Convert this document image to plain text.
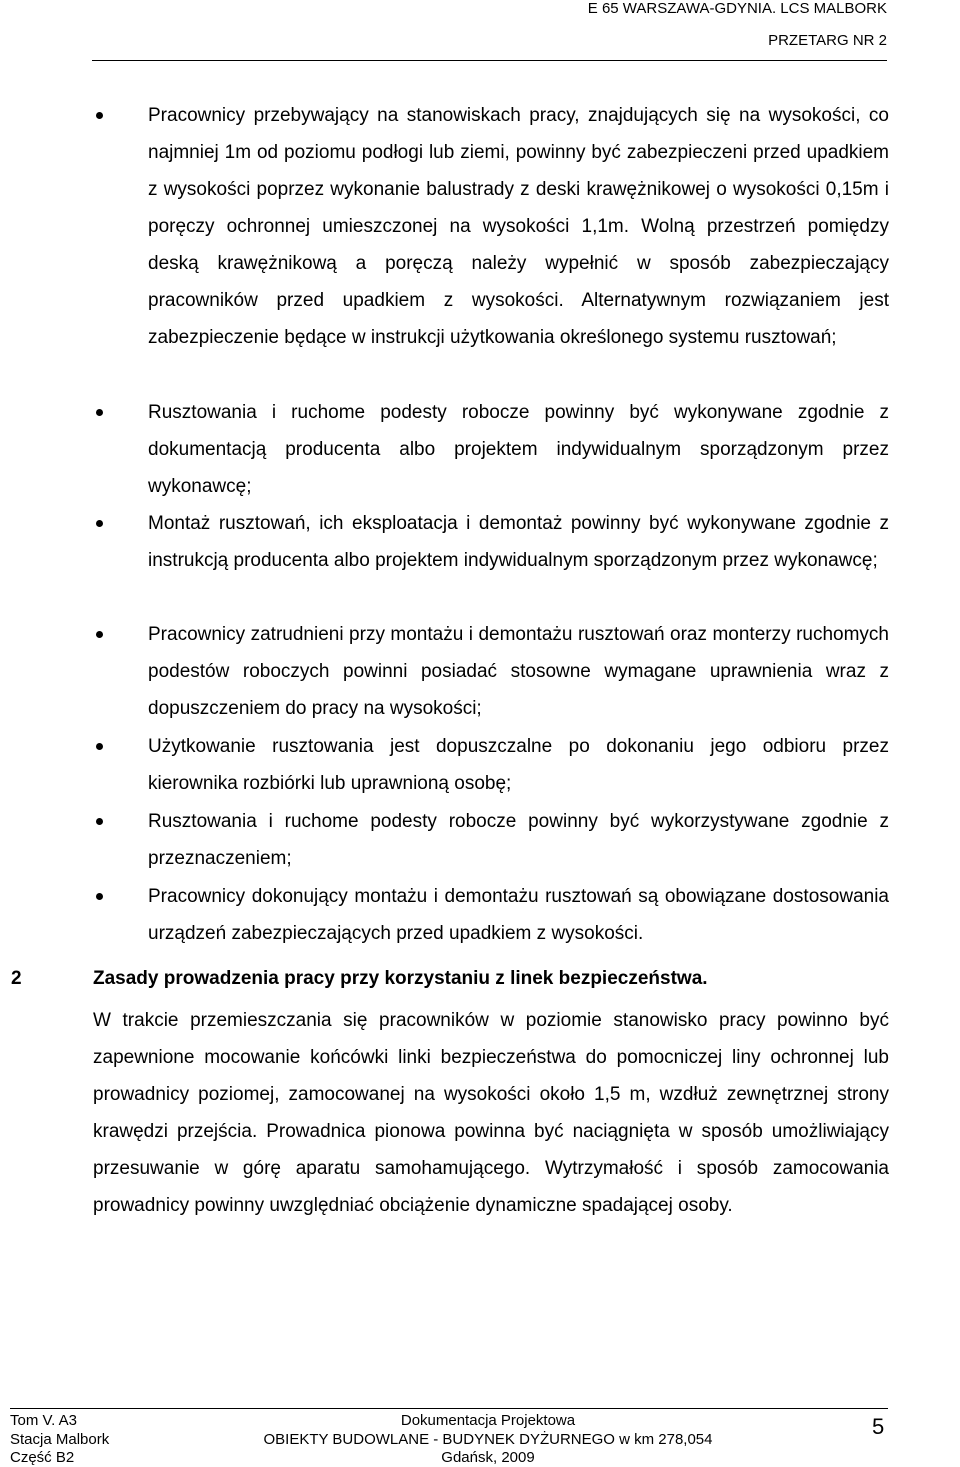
E 65 WARSZAWA-GDYNIA. LCS MALBORK
PRZETARG NR 2

Pracownicy przebywający na stanowiskach pracy, znajdujących się na wysokości, co najmniej 1m od poziomu podłogi lub ziemi, powinny być zabezpieczeni przed upadkiem z wysokości poprzez wykonanie balustrady z deski krawężnikowej o wysokości 0,15m i poręczy ochronnej umieszczonej na wysokości 1,1m. Wolną przestrzeń pomiędzy deską krawężnikową a poręczą należy wypełnić w sposób zabezpieczający pracowników przed upadkiem z wysokości. Alternatywnym rozwiązaniem jest zabezpieczenie będące w instrukcji użytkowania określonego systemu rusztowań;

Rusztowania i ruchome podesty robocze powinny być wykonywane zgodnie z dokumentacją producenta albo projektem indywidualnym sporządzonym przez wykonawcę;

Montaż rusztowań, ich eksploatacja i demontaż powinny być wykonywane zgodnie z instrukcją producenta albo projektem indywidualnym sporządzonym przez wykonawcę;

Pracownicy zatrudnieni przy montażu i demontażu rusztowań oraz monterzy ruchomych podestów roboczych powinni posiadać stosowne wymagane uprawnienia wraz z dopuszczeniem do pracy na wysokości;

Użytkowanie rusztowania jest dopuszczalne po dokonaniu jego odbioru przez kierownika rozbiórki lub uprawnioną osobę;

Rusztowania i ruchome podesty robocze powinny być wykorzystywane zgodnie z przeznaczeniem;

Pracownicy dokonujący montażu i demontażu rusztowań są obowiązane dostosowania urządzeń zabezpieczających przed upadkiem z wysokości.

2	Zasady prowadzenia pracy przy korzystaniu z linek bezpieczeństwa.

W trakcie przemieszczania się pracowników w poziomie stanowisko pracy powinno być zapewnione mocowanie końcówki linki bezpieczeństwa do pomocniczej liny ochronnej lub prowadnicy poziomej, zamocowanej na wysokości około 1,5 m, wzdłuż zewnętrznej strony krawędzi przejścia. Prowadnica pionowa powinna być naciągnięta w sposób umożliwiający przesuwanie w górę aparatu samohamującego. Wytrzymałość i sposób zamocowania prowadnicy powinny uwzględniać obciążenie dynamiczne spadającej osoby.

Tom V. A3
Stacja Malbork
Część B2
Dokumentacja Projektowa
OBIEKTY BUDOWLANE - BUDYNEK DYŻURNEGO w km 278,054
Gdańsk, 2009
5
